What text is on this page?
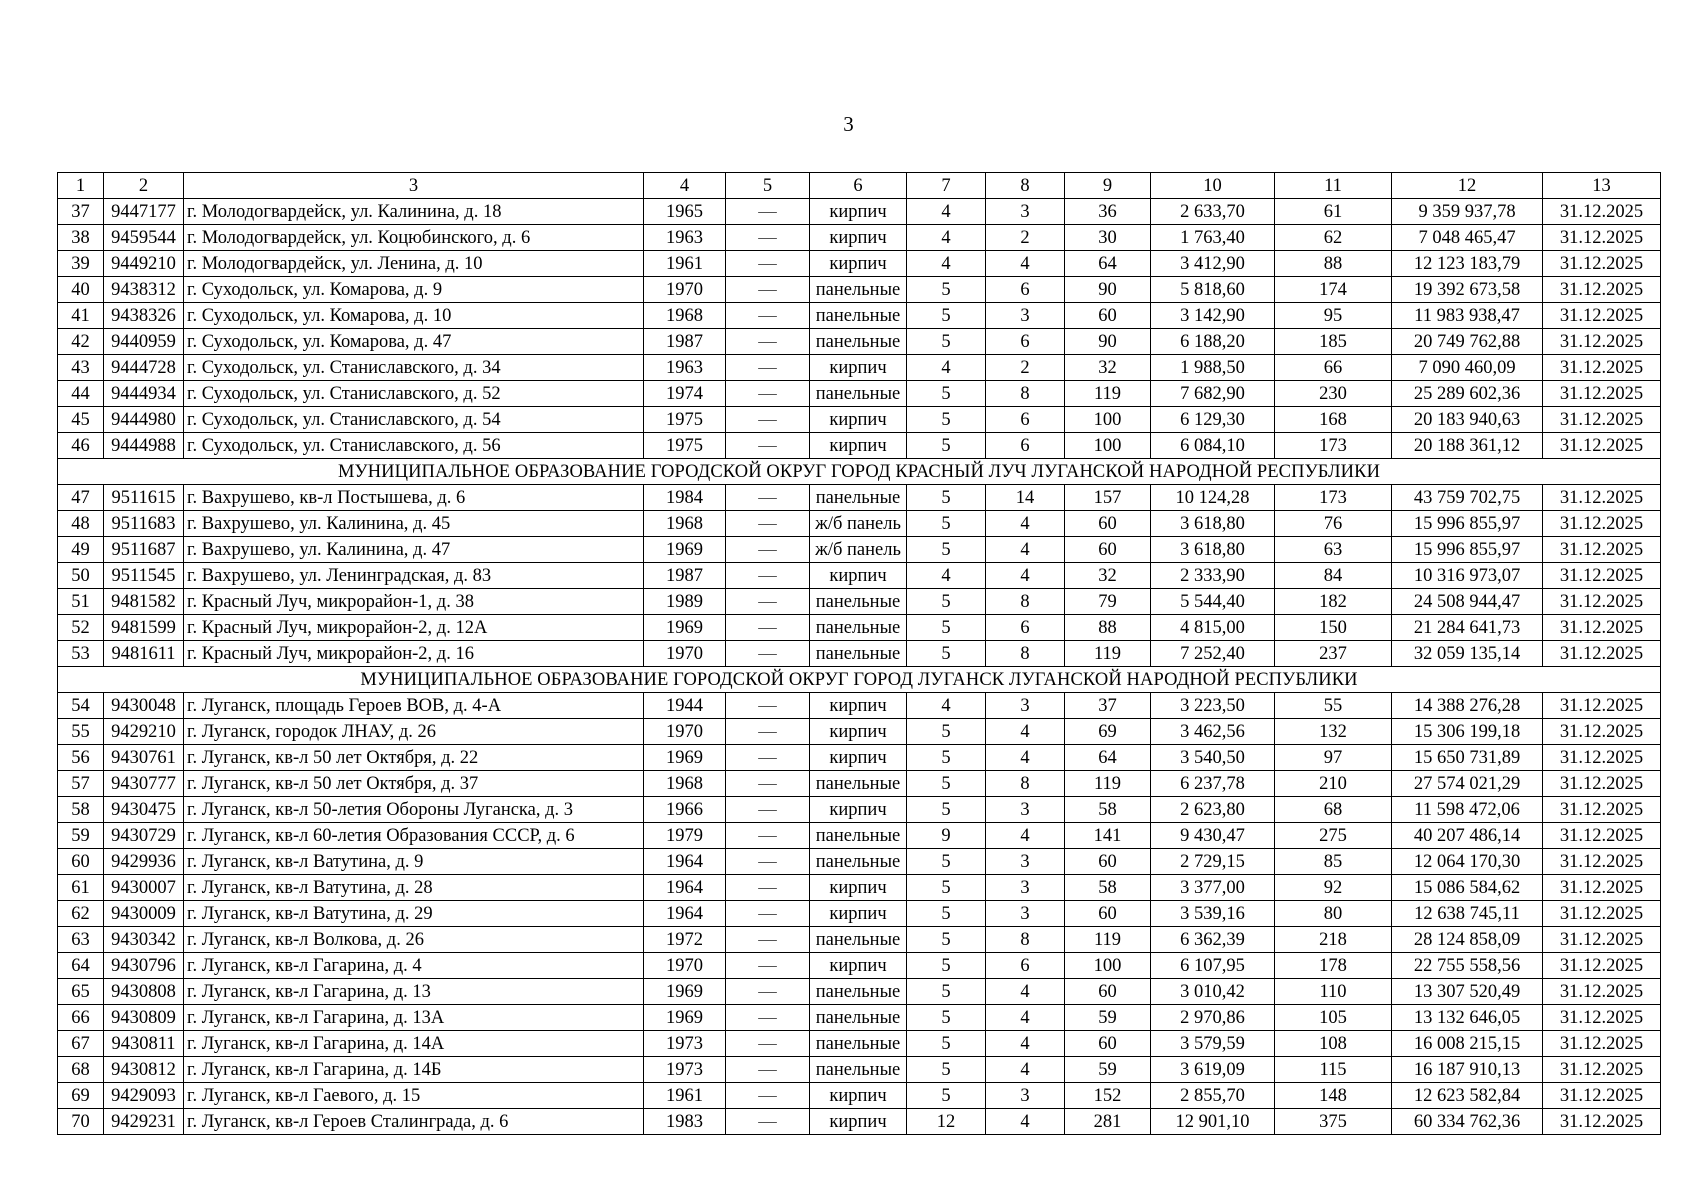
3
1	2	3	4	5	6	7	8	9	10	11	12	13
37	9447177	г. Молодогвардейск, ул. Калинина, д. 18	1965	—	кирпич	4	3	36	2 633,70	61	9 359 937,78	31.12.2025
38	9459544	г. Молодогвардейск, ул. Коцюбинского, д. 6	1963	—	кирпич	4	2	30	1 763,40	62	7 048 465,47	31.12.2025
39	9449210	г. Молодогвардейск, ул. Ленина, д. 10	1961	—	кирпич	4	4	64	3 412,90	88	12 123 183,79	31.12.2025
40	9438312	г. Суходольск, ул. Комарова, д. 9	1970	—	панельные	5	6	90	5 818,60	174	19 392 673,58	31.12.2025
41	9438326	г. Суходольск, ул. Комарова, д. 10	1968	—	панельные	5	3	60	3 142,90	95	11 983 938,47	31.12.2025
42	9440959	г. Суходольск, ул. Комарова, д. 47	1987	—	панельные	5	6	90	6 188,20	185	20 749 762,88	31.12.2025
43	9444728	г. Суходольск, ул. Станиславского, д. 34	1963	—	кирпич	4	2	32	1 988,50	66	7 090 460,09	31.12.2025
44	9444934	г. Суходольск, ул. Станиславского, д. 52	1974	—	панельные	5	8	119	7 682,90	230	25 289 602,36	31.12.2025
45	9444980	г. Суходольск, ул. Станиславского, д. 54	1975	—	кирпич	5	6	100	6 129,30	168	20 183 940,63	31.12.2025
46	9444988	г. Суходольск, ул. Станиславского, д. 56	1975	—	кирпич	5	6	100	6 084,10	173	20 188 361,12	31.12.2025
МУНИЦИПАЛЬНОЕ ОБРАЗОВАНИЕ ГОРОДСКОЙ ОКРУГ ГОРОД КРАСНЫЙ ЛУЧ ЛУГАНСКОЙ НАРОДНОЙ РЕСПУБЛИКИ												
47	9511615	г. Вахрушево, кв-л Постышева, д. 6	1984	—	панельные	5	14	157	10 124,28	173	43 759 702,75	31.12.2025
48	9511683	г. Вахрушево, ул. Калинина, д. 45	1968	—	ж/б панель	5	4	60	3 618,80	76	15 996 855,97	31.12.2025
49	9511687	г. Вахрушево, ул. Калинина, д. 47	1969	—	ж/б панель	5	4	60	3 618,80	63	15 996 855,97	31.12.2025
50	9511545	г. Вахрушево, ул. Ленинградская, д. 83	1987	—	кирпич	4	4	32	2 333,90	84	10 316 973,07	31.12.2025
51	9481582	г. Красный Луч, микрорайон-1, д. 38	1989	—	панельные	5	8	79	5 544,40	182	24 508 944,47	31.12.2025
52	9481599	г. Красный Луч, микрорайон-2, д. 12А	1969	—	панельные	5	6	88	4 815,00	150	21 284 641,73	31.12.2025
53	9481611	г. Красный Луч, микрорайон-2, д. 16	1970	—	панельные	5	8	119	7 252,40	237	32 059 135,14	31.12.2025
МУНИЦИПАЛЬНОЕ ОБРАЗОВАНИЕ ГОРОДСКОЙ ОКРУГ ГОРОД ЛУГАНСК ЛУГАНСКОЙ НАРОДНОЙ РЕСПУБЛИКИ												
54	9430048	г. Луганск, площадь Героев ВОВ, д. 4-А	1944	—	кирпич	4	3	37	3 223,50	55	14 388 276,28	31.12.2025
55	9429210	г. Луганск, городок ЛНАУ, д. 26	1970	—	кирпич	5	4	69	3 462,56	132	15 306 199,18	31.12.2025
56	9430761	г. Луганск, кв-л 50 лет Октября, д. 22	1969	—	кирпич	5	4	64	3 540,50	97	15 650 731,89	31.12.2025
57	9430777	г. Луганск, кв-л 50 лет Октября, д. 37	1968	—	панельные	5	8	119	6 237,78	210	27 574 021,29	31.12.2025
58	9430475	г. Луганск, кв-л 50-летия Обороны Луганска, д. 3	1966	—	кирпич	5	3	58	2 623,80	68	11 598 472,06	31.12.2025
59	9430729	г. Луганск, кв-л 60-летия Образования СССР, д. 6	1979	—	панельные	9	4	141	9 430,47	275	40 207 486,14	31.12.2025
60	9429936	г. Луганск, кв-л Ватутина, д. 9	1964	—	панельные	5	3	60	2 729,15	85	12 064 170,30	31.12.2025
61	9430007	г. Луганск, кв-л Ватутина, д. 28	1964	—	кирпич	5	3	58	3 377,00	92	15 086 584,62	31.12.2025
62	9430009	г. Луганск, кв-л Ватутина, д. 29	1964	—	кирпич	5	3	60	3 539,16	80	12 638 745,11	31.12.2025
63	9430342	г. Луганск, кв-л Волкова, д. 26	1972	—	панельные	5	8	119	6 362,39	218	28 124 858,09	31.12.2025
64	9430796	г. Луганск, кв-л Гагарина, д. 4	1970	—	кирпич	5	6	100	6 107,95	178	22 755 558,56	31.12.2025
65	9430808	г. Луганск, кв-л Гагарина, д. 13	1969	—	панельные	5	4	60	3 010,42	110	13 307 520,49	31.12.2025
66	9430809	г. Луганск, кв-л Гагарина, д. 13А	1969	—	панельные	5	4	59	2 970,86	105	13 132 646,05	31.12.2025
67	9430811	г. Луганск, кв-л Гагарина, д. 14А	1973	—	панельные	5	4	60	3 579,59	108	16 008 215,15	31.12.2025
68	9430812	г. Луганск, кв-л Гагарина, д. 14Б	1973	—	панельные	5	4	59	3 619,09	115	16 187 910,13	31.12.2025
69	9429093	г. Луганск, кв-л Гаевого, д. 15	1961	—	кирпич	5	3	152	2 855,70	148	12 623 582,84	31.12.2025
70	9429231	г. Луганск, кв-л Героев Сталинграда, д. 6	1983	—	кирпич	12	4	281	12 901,10	375	60 334 762,36	31.12.2025
